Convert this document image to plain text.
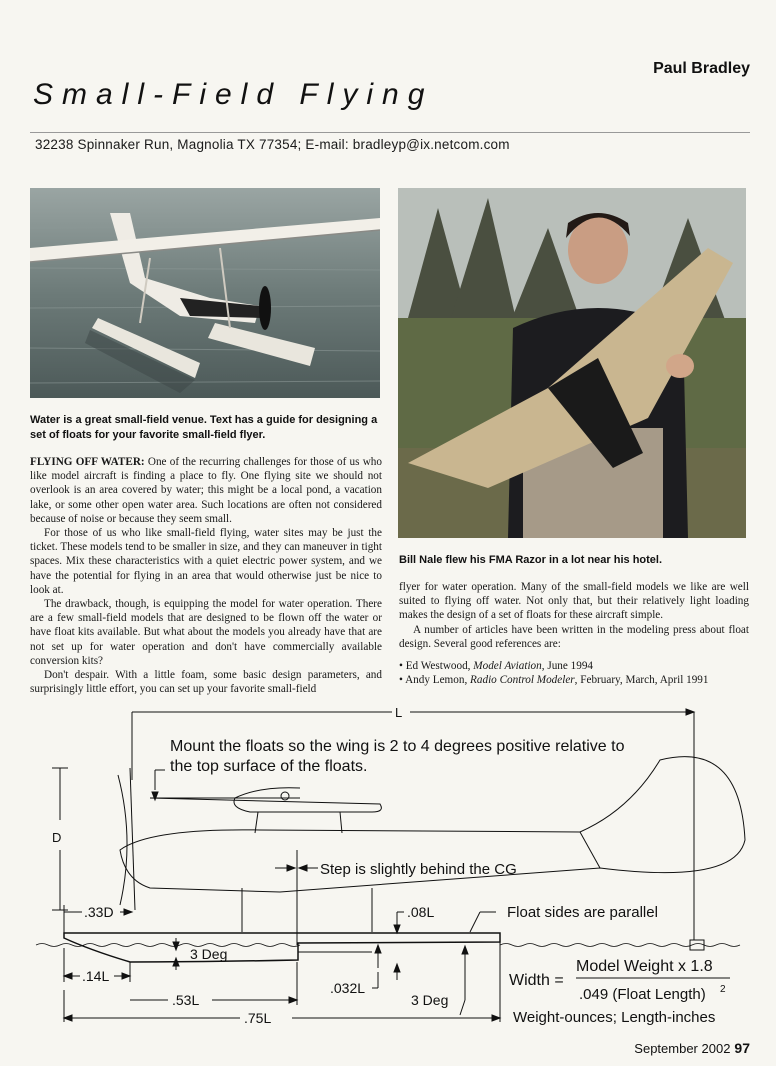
Paul Bradley
Small-Field Flying
32238 Spinnaker Run, Magnolia TX 77354; E-mail: bradleyp@ix.netcom.com
Water is a great small-field venue. Text has a guide for designing a set of floats for your favorite small-field flyer.
Bill Nale flew his FMA Razor in a lot near his hotel.

FLYING OFF WATER: One of the recurring challenges for those of us who like model aircraft is finding a place to fly. One flying site we should not overlook is an area covered by water; this might be a local pond, a vacation lake, or some other open water area. Such locations are often not considered because of noise or because they seem small.

For those of us who like small-field flying, water sites may be just the ticket. These models tend to be smaller in size, and they can maneuver in tight spaces. Mix these characteristics with a quiet electric power system, and we have the potential for flying in an area that would otherwise just be nice to look at.

The drawback, though, is equipping the model for water operation. There are a few small-field models that are designed to be flown off the water or have float kits available. But what about the models you already have that are not set up for water operation and don't have commercially available conversion kits?

Don't despair. With a little foam, some basic design parameters, and surprisingly little effort, you can set up your favorite small-field

flyer for water operation. Many of the small-field models we like are well suited to flying off water. Not only that, but their relatively light loading makes the design of a set of floats for these aircraft simple.

A number of articles have been written in the modeling press about float design. Several good references are:

• Ed Westwood, Model Aviation, June 1994
• Andy Lemon, Radio Control Modeler, February, March, April 1991
L
D
Mount the floats so the wing is 2 to 4 degrees positive relative to
the top surface of the floats.
Step is slightly behind the CG
.33D	.08L	Float sides are parallel
3 Deg
.14L
.53L
.032L
3 Deg
.75L
Width =
Model Weight x 1.8
.049 (Float Length) 2
Weight-ounces; Length-inches
September 2002 97
